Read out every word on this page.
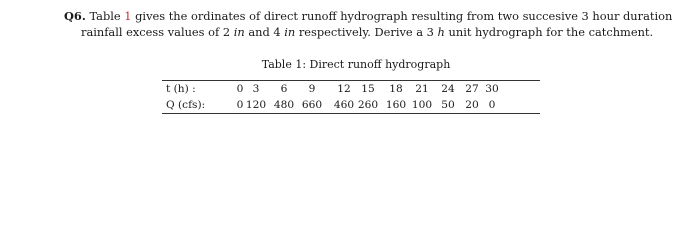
Q6. Table 1 gives the ordinates of direct runoff hydrograph resulting from two succesive 3 hour duration
rainfall excess values of 2 in and 4 in respectively. Derive a 3 h unit hydrograph for the catchment.
Table 1: Direct runoff hydrograph
t (h) :	0 3	6	9	12 15	18	21	24 27 30
Q (cfs):	0 120 480 660	460 260 160 100 50 20 0
